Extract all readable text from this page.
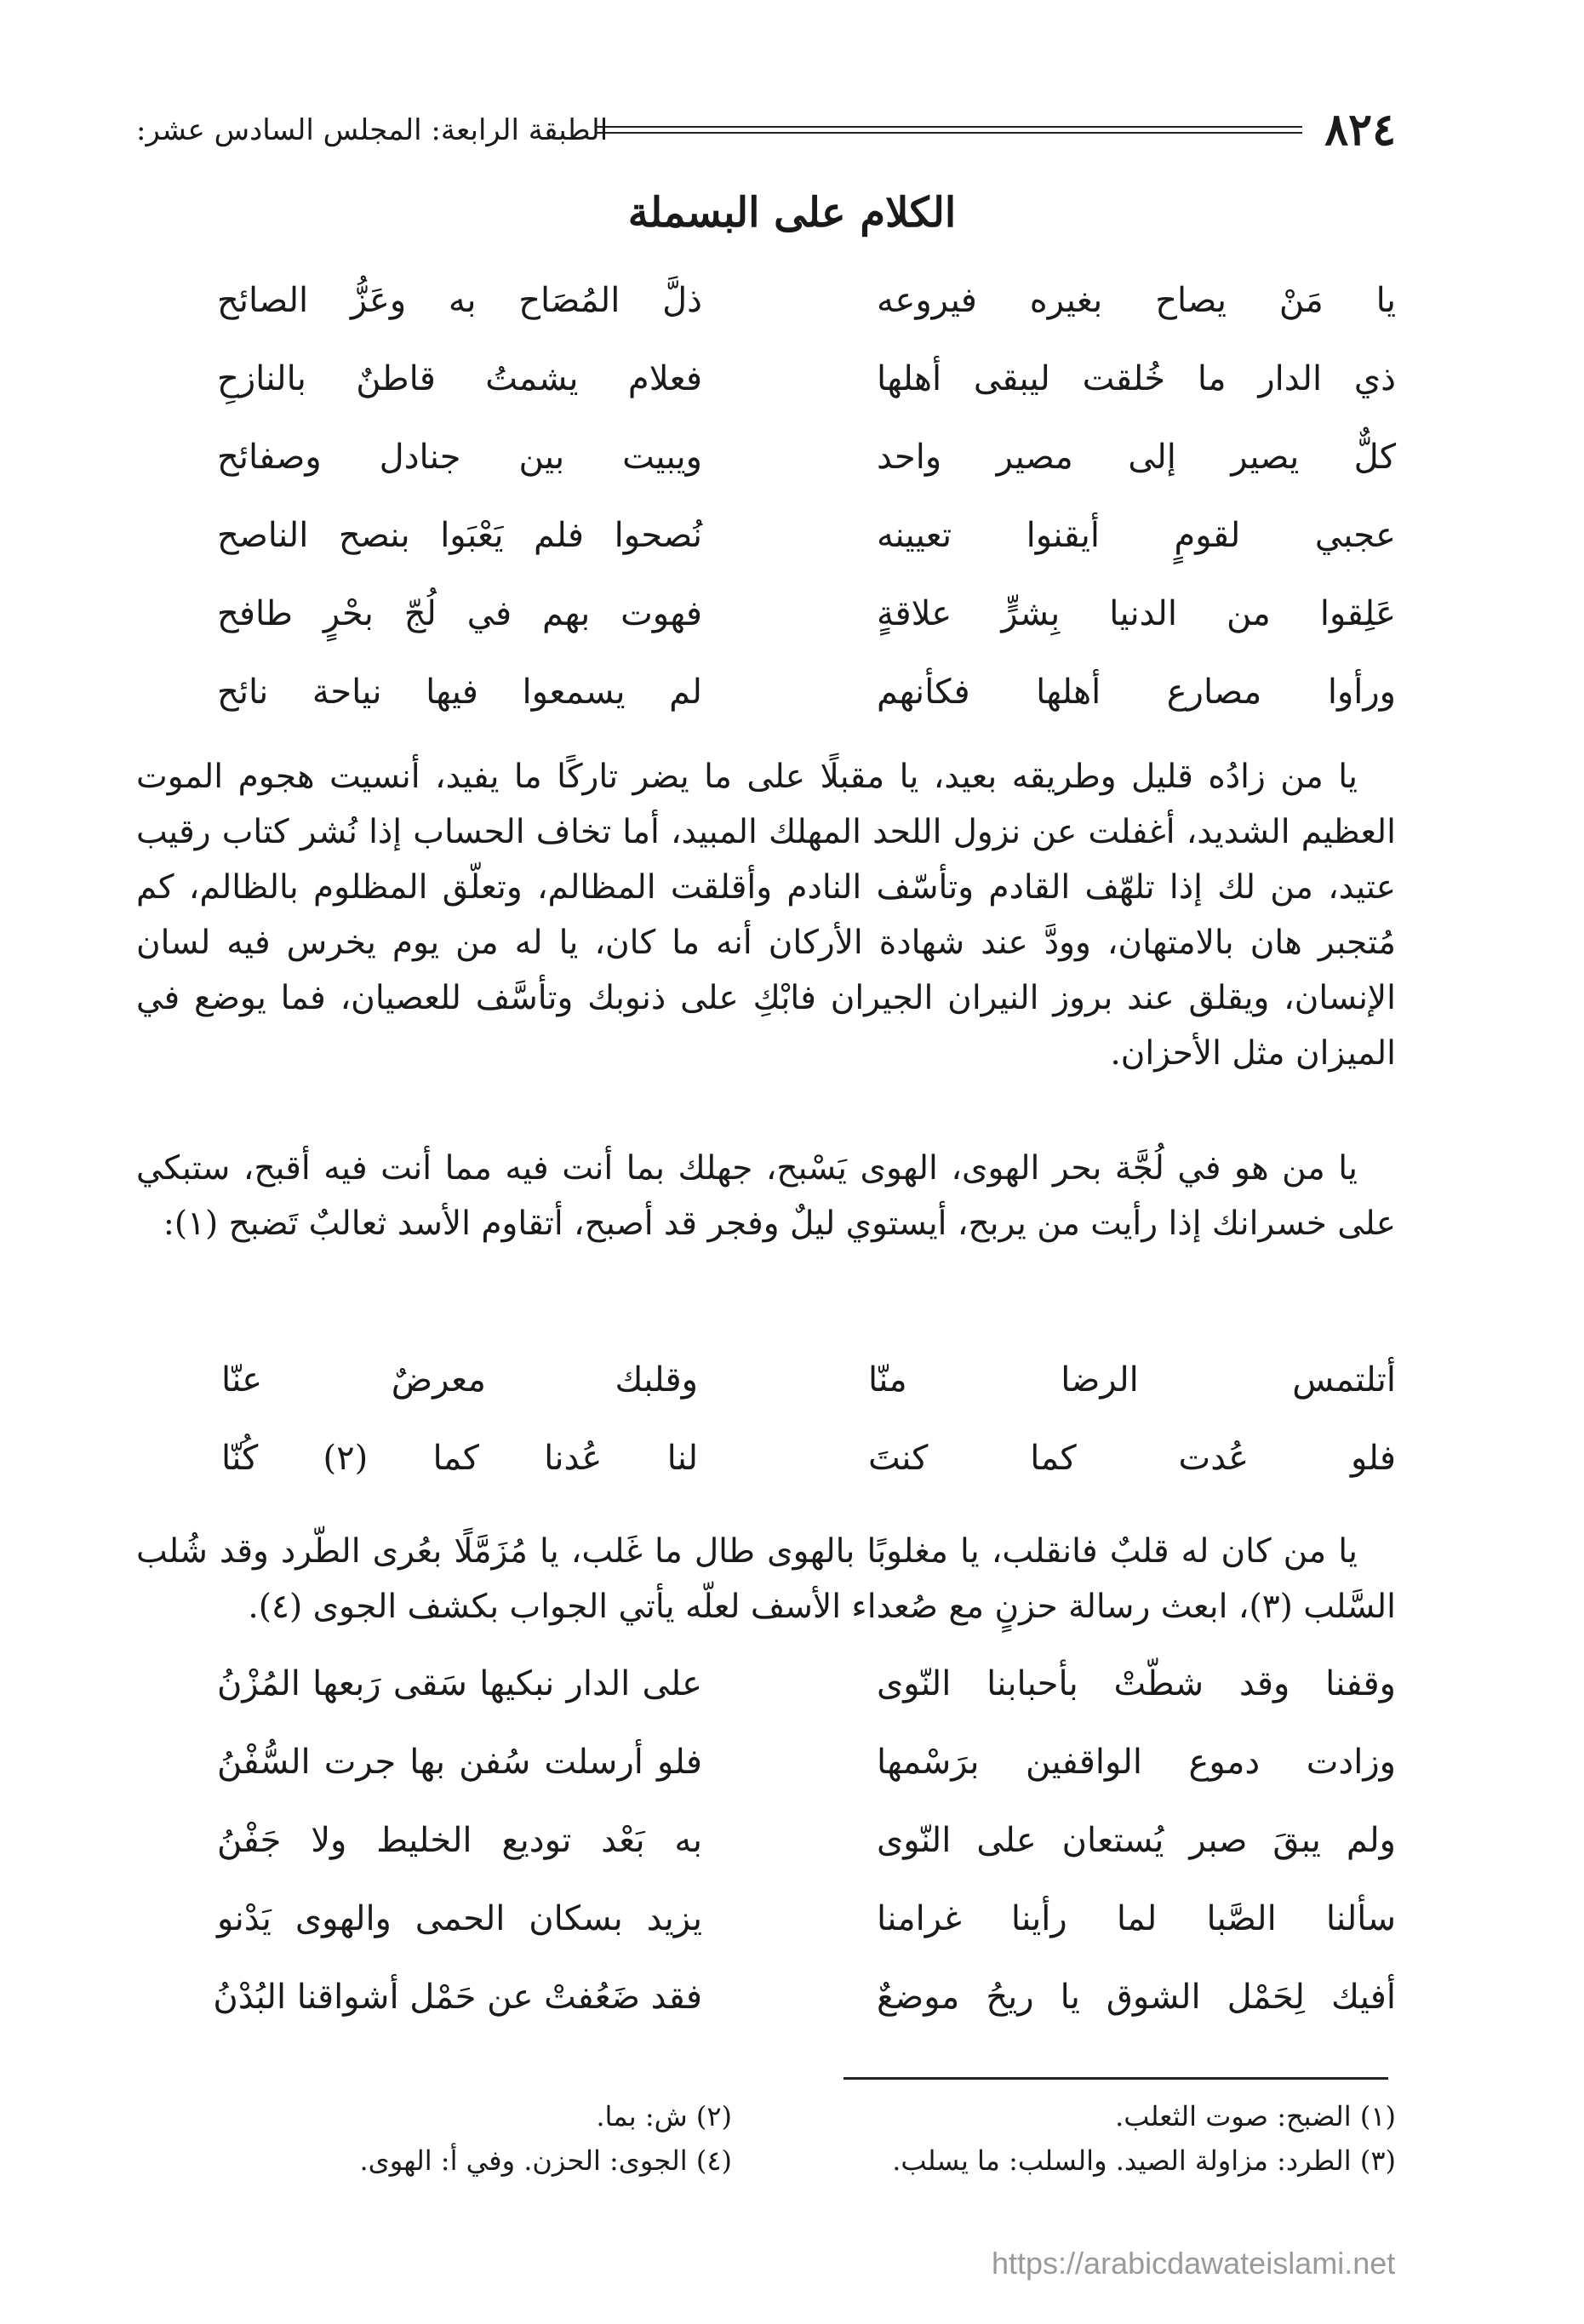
٨٢٤
الطبقة الرابعة: المجلس السادس عشر:
الكلام على البسملة
يا مَنْ يصاح بغيره فيروعه
ذلَّ المُصَاح به وعَزُّ الصائح
ذي الدار ما خُلقت ليبقى أهلها
فعلام يشمتُ قاطنٌ بالنازحِ
كلٌّ يصير إلى مصير واحد
ويبيت بين جنادل وصفائح
عجبي لقومٍ أيقنوا تعيينه
نُصحوا فلم يَعْبَوا بنصح الناصح
عَلِقوا من الدنيا بِشرٍّ علاقةٍ
فهوت بهم في لُجّ بحْرٍ طافح
ورأوا مصارع أهلها فكأنهم
لم يسمعوا فيها نياحة نائح

يا من زادُه قليل وطريقه بعيد، يا مقبلًا على ما يضر تاركًا ما يفيد، أنسيت هجوم الموت العظيم الشديد، أغفلت عن نزول اللحد المهلك المبيد، أما تخاف الحساب إذا نُشر كتاب رقيب عتيد، من لك إذا تلهّف القادم وتأسّف النادم وأقلقت المظالم، وتعلّق المظلوم بالظالم، كم مُتجبر هان بالامتهان، وودَّ عند شهادة الأركان أنه ما كان، يا له من يوم يخرس فيه لسان الإنسان، ويقلق عند بروز النيران الجيران فابْكِ على ذنوبك وتأسَّف للعصيان، فما يوضع في الميزان مثل الأحزان.

يا من هو في لُجَّة بحر الهوى، الهوى يَسْبح، جهلك بما أنت فيه مما أنت فيه أقبح، ستبكي على خسرانك إذا رأيت من يربح، أيستوي ليلٌ وفجر قد أصبح، أتقاوم الأسد ثعالبٌ تَضبح (١):

أتلتمس الرضا منّا
وقلبك معرضٌ عنّا
فلو عُدت كما كنتَ
لنا عُدنا كما (٢) كُنّا

يا من كان له قلبٌ فانقلب، يا مغلوبًا بالهوى طال ما غَلب، يا مُزَمَّلًا بعُرى الطّرد وقد شُلب السَّلب (٣)، ابعث رسالة حزنٍ مع صُعداء الأسف لعلّه يأتي الجواب بكشف الجوى (٤).

وقفنا وقد شطّتْ بأحبابنا النّوى
على الدار نبكيها سَقى رَبعها المُزْنُ
وزادت دموع الواقفين برَسْمها
فلو أرسلت سُفن بها جرت السُّفْنُ
ولم يبقَ صبر يُستعان على النّوى
به بَعْد توديع الخليط ولا جَفْنُ
سألنا الصَّبا لما رأينا غرامنا
يزيد بسكان الحمى والهوى يَدْنو
أفيك لِحَمْل الشوق يا ريحُ موضعٌ
فقد ضَعُفتْ عن حَمْل أشواقنا البُدْنُ
(١) الضبح: صوت الثعلب.
(٢) ش: بما.
(٣) الطرد: مزاولة الصيد. والسلب: ما يسلب.
(٤) الجوى: الحزن. وفي أ: الهوى.
https://arabicdawateislami.net
